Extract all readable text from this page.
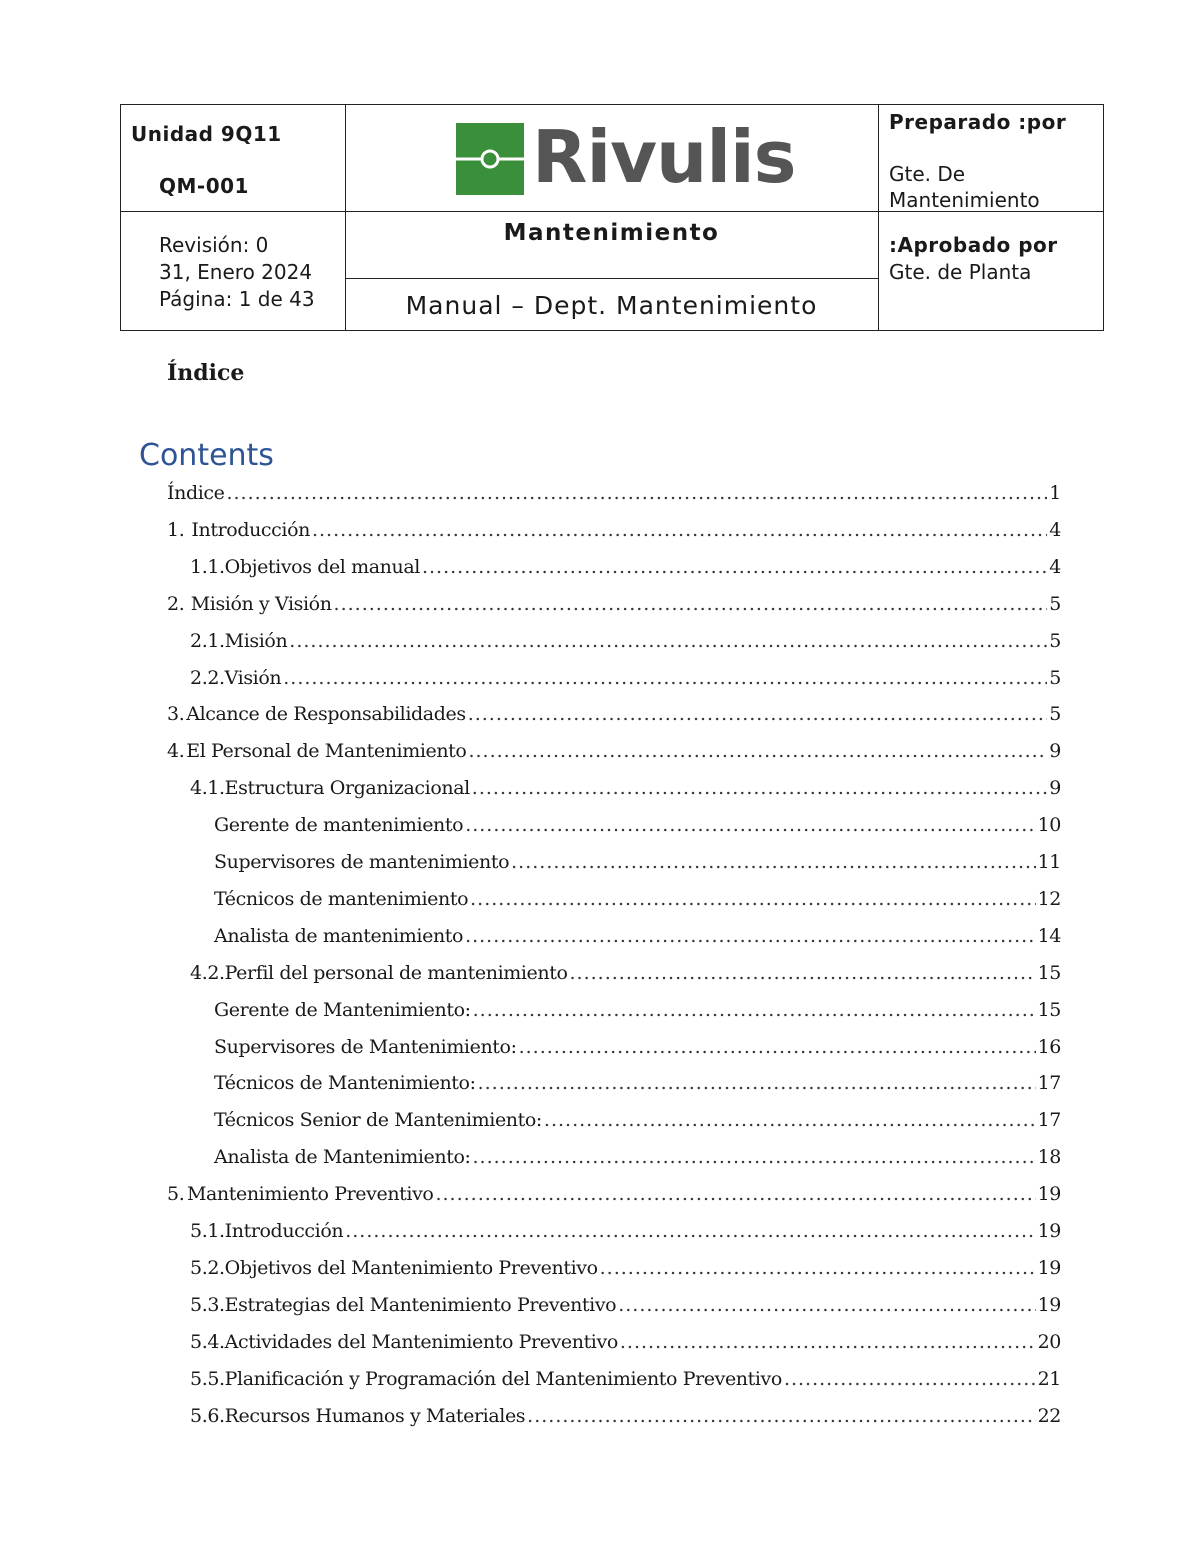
Unidad 9Q11
QM-001
Revisión: 0
31, Enero 2024
Página: 1 de 43
Rivulis
Mantenimiento
Manual – Dept. Mantenimiento
Preparado :por
Gte. De Mantenimiento
:Aprobado por
Gte. de Planta
Índice
Contents
Índice .....	1
1. Introducción .....	4
1.1. Objetivos del manual .....	4
2. Misión y Visión .....	5
2.1. Misión .....	5
2.2. Visión .....	5
3. Alcance de Responsabilidades .....	5
4. El Personal de Mantenimiento .....	9
4.1. Estructura Organizacional .....	9
Gerente de mantenimiento .....	10
Supervisores de mantenimiento .....	11
Técnicos de mantenimiento .....	12
Analista de mantenimiento .....	14
4.2. Perfil del personal de mantenimiento .....	15
Gerente de Mantenimiento: .....	15
Supervisores de Mantenimiento: .....	16
Técnicos de Mantenimiento: .....	17
Técnicos Senior de Mantenimiento: .....	17
Analista de Mantenimiento: .....	18
5. Mantenimiento Preventivo .....	19
5.1. Introducción .....	19
5.2. Objetivos del Mantenimiento Preventivo .....	19
5.3. Estrategias del Mantenimiento Preventivo .....	19
5.4. Actividades del Mantenimiento Preventivo .....	20
5.5. Planificación y Programación del Mantenimiento Preventivo .....	21
5.6. Recursos Humanos y Materiales .....	22
